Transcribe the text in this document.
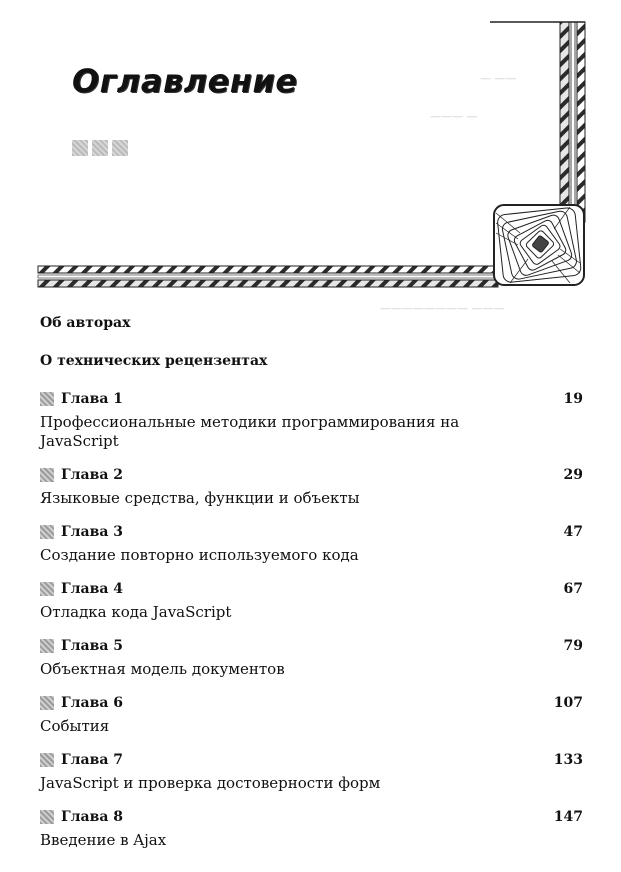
— ——
——— —
———————— ———
Оглавление
Об авторах
О технических рецензентах
Глава 1	19
Профессиональные методики программирования на JavaScript
Глава 2	29
Языковые средства, функции и объекты
Глава 3	47
Создание повторно используемого кода
Глава 4	67
Отладка кода JavaScript
Глава 5	79
Объектная модель документов
Глава 6	107
События
Глава 7	133
JavaScript и проверка достоверности форм
Глава 8	147
Введение в Ajax
